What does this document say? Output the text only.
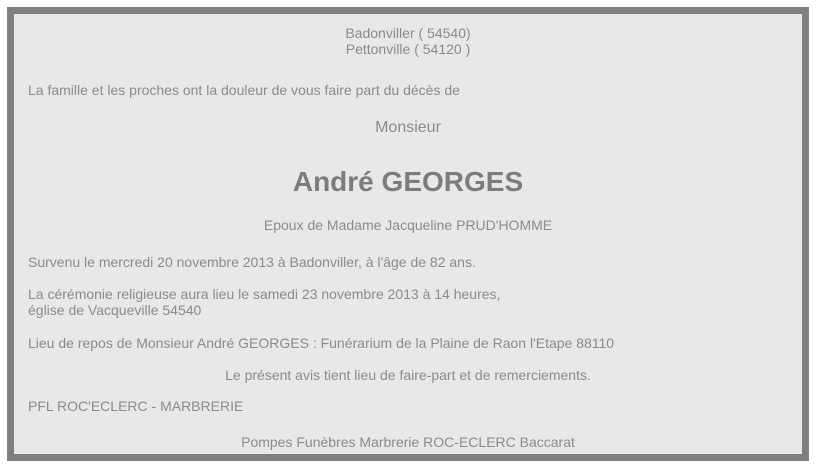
Badonviller ( 54540)
Pettonville ( 54120 )
La famille et les proches ont la douleur de vous faire part du décès de
Monsieur
André GEORGES
Epoux de Madame Jacqueline PRUD'HOMME
Survenu le mercredi 20 novembre 2013 à Badonviller, à l'âge de 82 ans.
La cérémonie religieuse aura lieu le samedi 23 novembre 2013 à 14 heures,
église de Vacqueville 54540
Lieu de repos de Monsieur André GEORGES : Funérarium de la Plaine de Raon l'Etape 88110
Le présent avis tient lieu de faire-part et de remerciements.
PFL ROC'ECLERC - MARBRERIE
Pompes Funèbres Marbrerie ROC-ECLERC Baccarat
